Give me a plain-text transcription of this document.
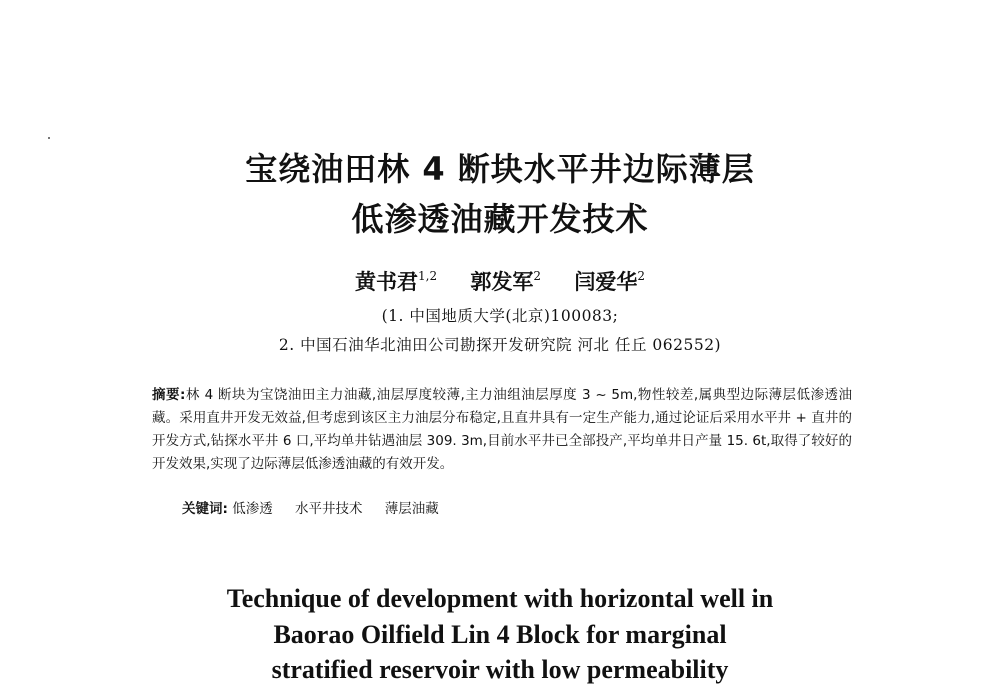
宝绕油田林 4 断块水平井边际薄层
低渗透油藏开发技术

黄书君$^{1,2}$ 郭发军$^2$ 闫爱华$^2$

(1. 中国地质大学(北京)100083;

2. 中国石油华北油田公司勘探开发研究院 河北 任丘 062552)

摘要:林 4 断块为宝饶油田主力油藏,油层厚度较薄,主力油组油层厚度 3 ~ 5m,物性较差,属典型边际薄层低渗透油藏。采用直井开发无效益,但考虑到该区主力油层分布稳定,且直井具有一定生产能力,通过论证后采用水平井 + 直井的开发方式,钻探水平井 6 口,平均单井钻遇油层 309. 3m,目前水平井已全部投产,平均单井日产量 15. 6t,取得了较好的开发效果,实现了边际薄层低渗透油藏的有效开发。

关键词: 低渗透 水平井技术 薄层油藏

Technique of development with horizontal well in
Baorao Oilfield Lin 4 Block for marginal
stratified reservoir with low permeability
